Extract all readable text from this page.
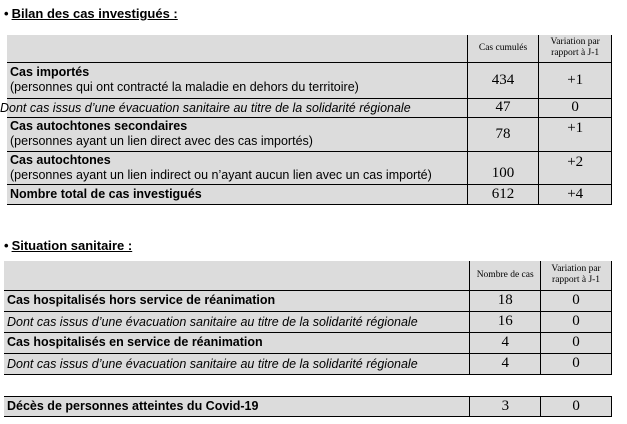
• Bilan des cas investigués :
	Cas cumulés	Variation par rapport à J-1

Cas importés
(personnes qui ont contracté la maladie en dehors du territoire)	434	+1

Dont cas issus d’une évacuation sanitaire au titre de la solidarité régionale	47	0

Cas autochtones secondaires
(personnes ayant un lien direct avec des cas importés)	78	+1

Cas autochtones
(personnes ayant un lien indirect ou n’ayant aucun lien avec un cas importé)	100	+2

Nombre total de cas investigués	612	+4
• Situation sanitaire :
	Nombre de cas	Variation par rapport à J-1

Cas hospitalisés hors service de réanimation	18	0

Dont cas issus d’une évacuation sanitaire au titre de la solidarité régionale	16	0

Cas hospitalisés en service de réanimation	4	0

Dont cas issus d’une évacuation sanitaire au titre de la solidarité régionale	4	0
Décès de personnes atteintes du Covid-19	3	0
